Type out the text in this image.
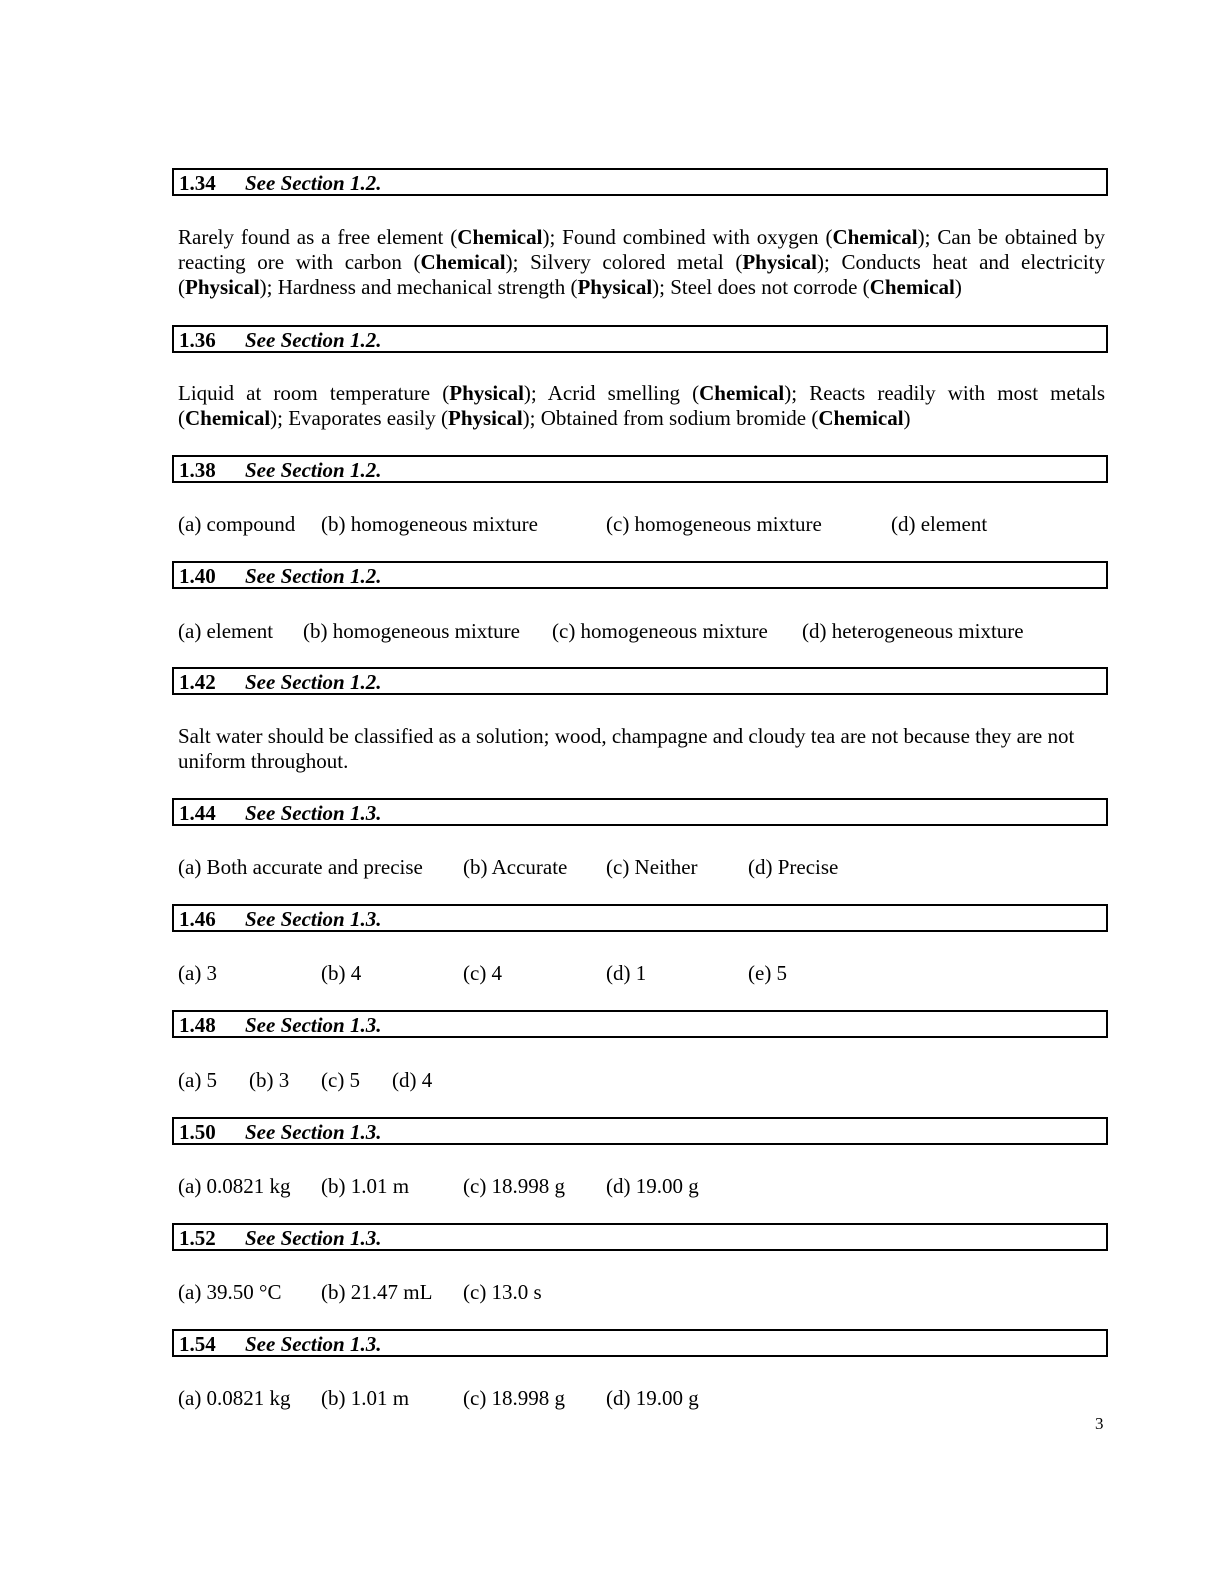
1.34 See Section 1.2.
Rarely found as a free element (Chemical); Found combined with oxygen (Chemical); Can be obtained by reacting ore with carbon (Chemical); Silvery colored metal (Physical); Conducts heat and electricity (Physical); Hardness and mechanical strength (Physical); Steel does not corrode (Chemical)
1.36 See Section 1.2.
Liquid at room temperature (Physical); Acrid smelling (Chemical); Reacts readily with most metals (Chemical); Evaporates easily (Physical); Obtained from sodium bromide (Chemical)
1.38 See Section 1.2.
(a) compound (b) homogeneous mixture	(c) homogeneous mixture	(d) element
1.40 See Section 1.2.
(a) element (b) homogeneous mixture (c) homogeneous mixture (d) heterogeneous mixture
1.42 See Section 1.2.
Salt water should be classified as a solution; wood, champagne and cloudy tea are not because they are not uniform throughout.
1.44 See Section 1.3.
(a) Both accurate and precise (b) Accurate (c) Neither (d) Precise
1.46 See Section 1.3.
(a) 3	(b) 4	(c) 4	(d) 1	(e) 5
1.48 See Section 1.3.
(a) 5 (b) 3 (c) 5 (d) 4
1.50 See Section 1.3.
(a) 0.0821 kg (b) 1.01 m	(c) 18.998 g (d) 19.00 g
1.52 See Section 1.3.
(a) 39.50 °C (b) 21.47 mL (c) 13.0 s
1.54 See Section 1.3.
(a) 0.0821 kg (b) 1.01 m	(c) 18.998 g (d) 19.00 g
3
